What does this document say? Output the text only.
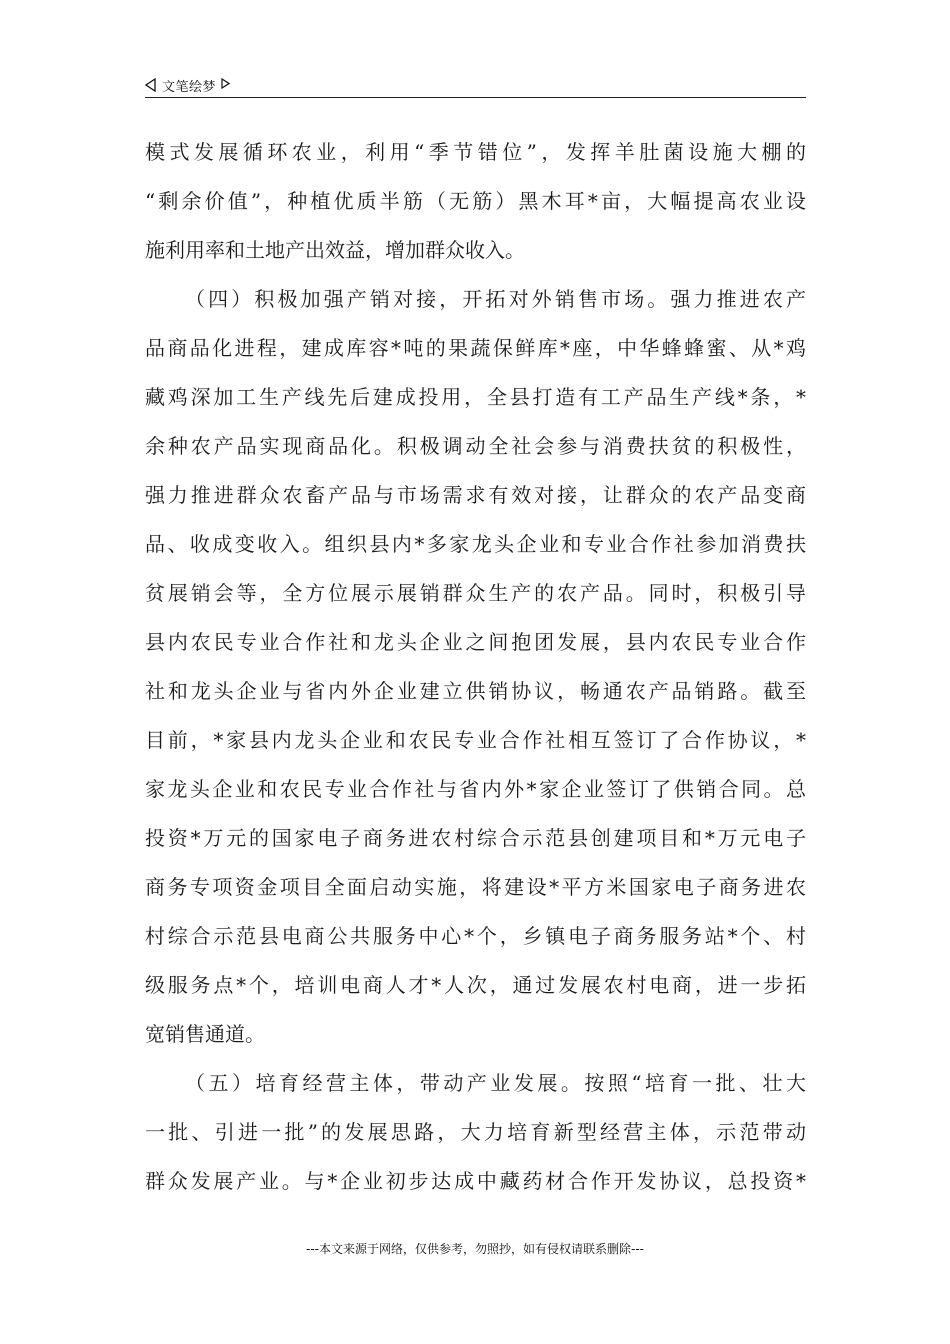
文笔绘梦
模式发展循环农业，利用“季节错位”，发挥羊肚菌设施大棚的
“剩余价值”，种植优质半筋（无筋）黑木耳*亩，大幅提高农业设
施利用率和土地产出效益，增加群众收入。
（四）积极加强产销对接，开拓对外销售市场。强力推进农产
品商品化进程，建成库容*吨的果蔬保鲜库*座，中华蜂蜂蜜、从*鸡
藏鸡深加工生产线先后建成投用，全县打造有工产品生产线*条，*
余种农产品实现商品化。积极调动全社会参与消费扶贫的积极性，
强力推进群众农畜产品与市场需求有效对接，让群众的农产品变商
品、收成变收入。组织县内*多家龙头企业和专业合作社参加消费扶
贫展销会等，全方位展示展销群众生产的农产品。同时，积极引导
县内农民专业合作社和龙头企业之间抱团发展，县内农民专业合作
社和龙头企业与省内外企业建立供销协议，畅通农产品销路。截至
目前，*家县内龙头企业和农民专业合作社相互签订了合作协议，*
家龙头企业和农民专业合作社与省内外*家企业签订了供销合同。总
投资*万元的国家电子商务进农村综合示范县创建项目和*万元电子
商务专项资金项目全面启动实施，将建设*平方米国家电子商务进农
村综合示范县电商公共服务中心*个，乡镇电子商务服务站*个、村
级服务点*个，培训电商人才*人次，通过发展农村电商，进一步拓
宽销售通道。
（五）培育经营主体，带动产业发展。按照“培育一批、壮大
一批、引进一批”的发展思路，大力培育新型经营主体，示范带动
群众发展产业。与*企业初步达成中藏药材合作开发协议，总投资*
---本文来源于网络，仅供参考，勿照抄，如有侵权请联系删除---
